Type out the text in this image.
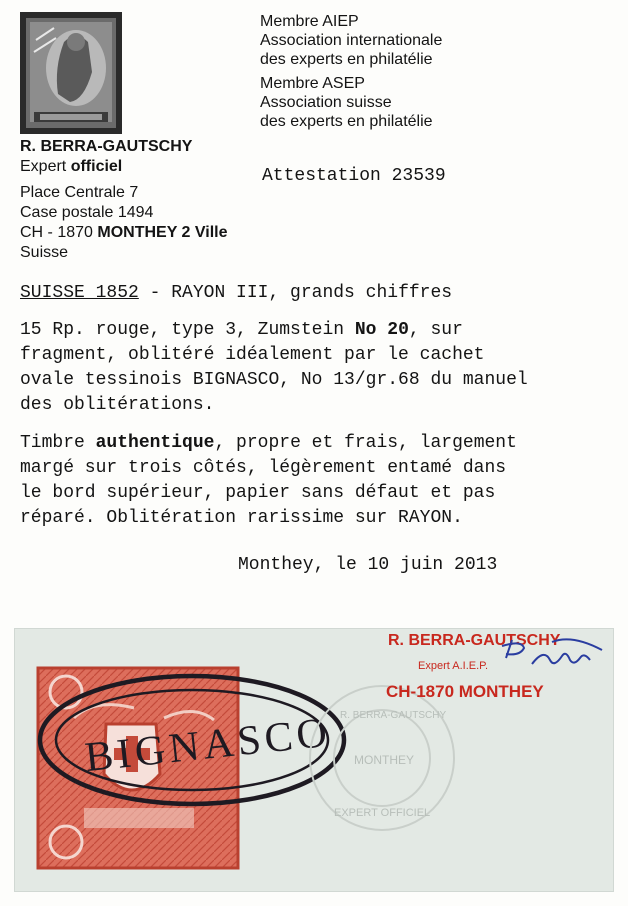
R. BERRA-GAUTSCHY
Expert officiel
Place Centrale 7
Case postale 1494
CH - 1870 MONTHEY 2 Ville
Suisse
Membre AIEP
Association internationale
des experts en philatélie
Membre ASEP
Association suisse
des experts en philatélie
Attestation 23539
SUISSE 1852 - RAYON III, grands chiffres
15 Rp. rouge, type 3, Zumstein No 20, sur
fragment, oblitéré idéalement par le cachet
ovale tessinois BIGNASCO, No 13/gr.68 du manuel
des oblitérations.
Timbre authentique, propre et frais, largement
margé sur trois côtés, légèrement entamé dans
le bord supérieur, papier sans défaut et pas
réparé. Oblitération rarissime sur RAYON.
Monthey, le 10 juin 2013
BIGNASCO R. BERRA-GAUTSCHY
MONTHEY
EXPERT OFFICIEL
R. BERRA-GAUTSCHY
Expert A.I.E.P.
CH-1870 MONTHEY
